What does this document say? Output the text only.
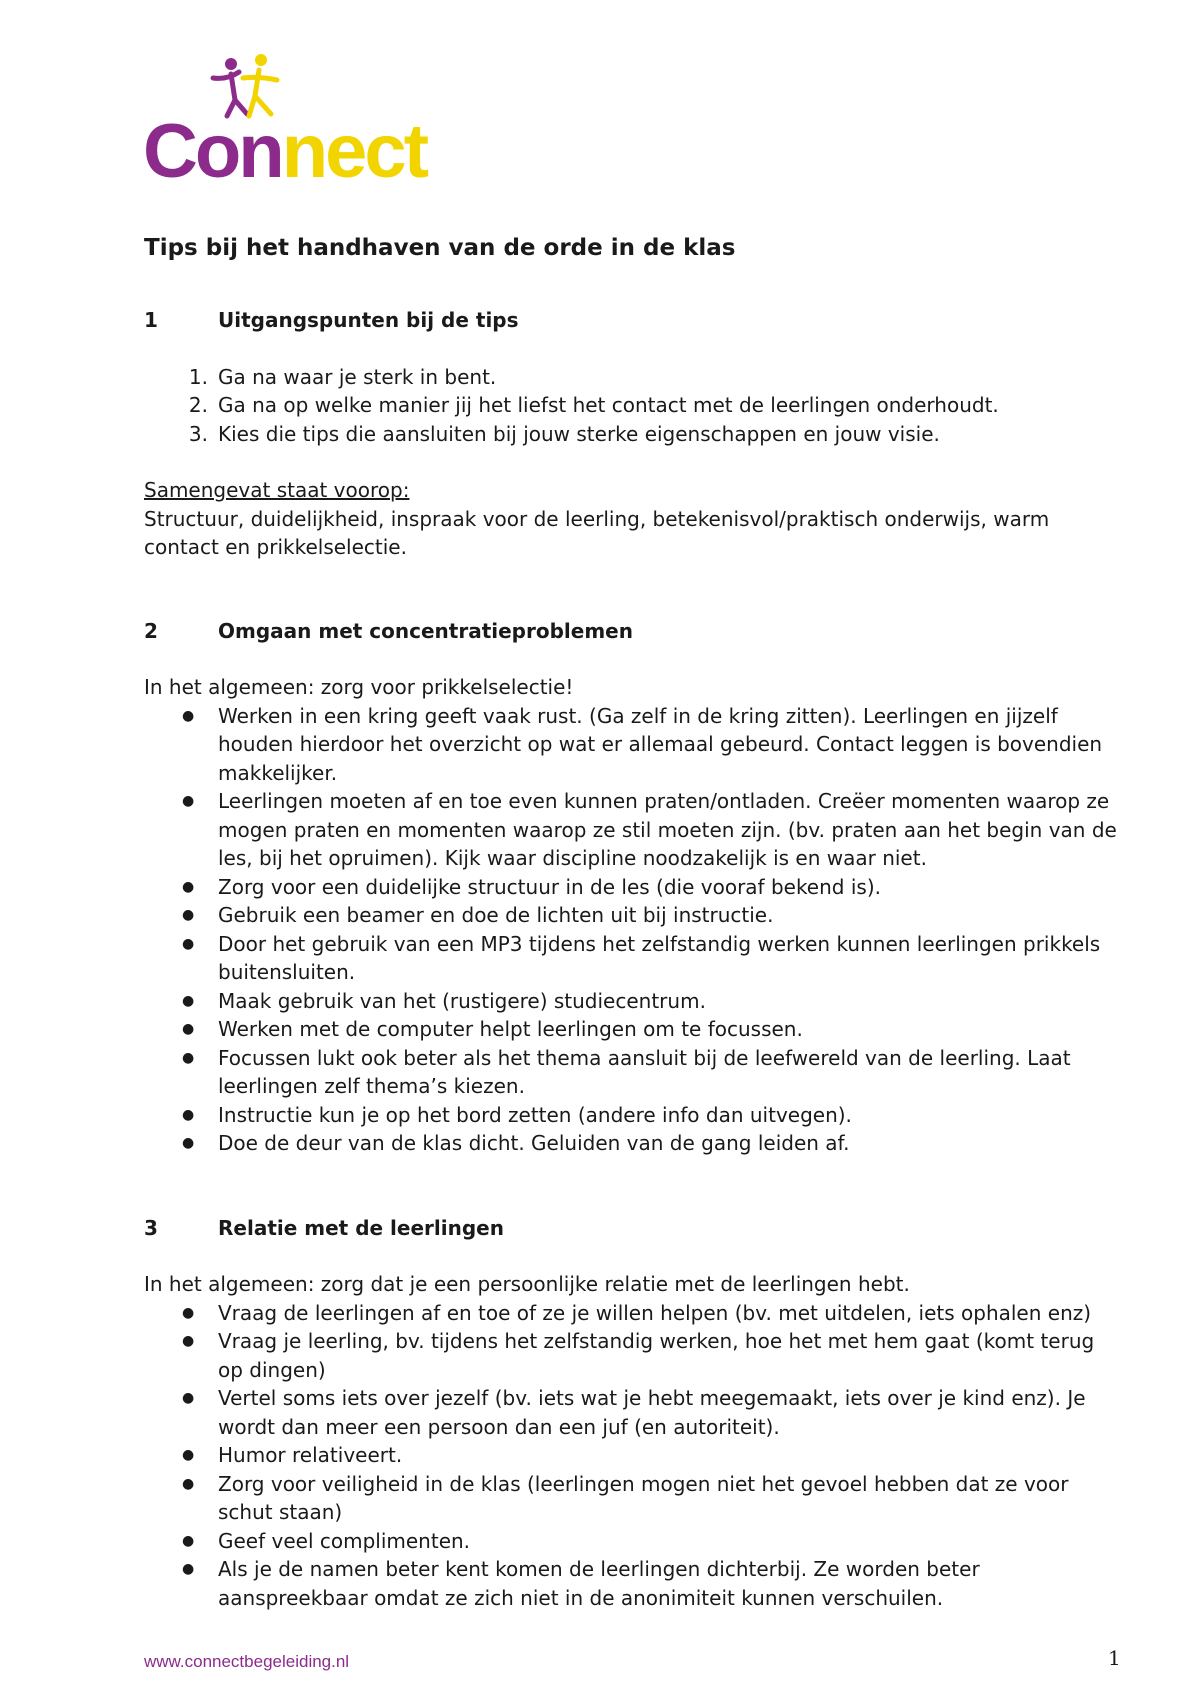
Connect
Tips bij het handhaven van de orde in de klas
1	Uitgangspunten bij de tips
1. Ga na waar je sterk in bent.
2. Ga na op welke manier jij het liefst het contact met de leerlingen onderhoudt.
3. Kies die tips die aansluiten bij jouw sterke eigenschappen en jouw visie.
Samengevat staat voorop:
Structuur, duidelijkheid, inspraak voor de leerling, betekenisvol/praktisch onderwijs, warm contact en prikkelselectie.
2	Omgaan met concentratieproblemen
In het algemeen: zorg voor prikkelselectie!
●	Werken in een kring geeft vaak rust. (Ga zelf in de kring zitten). Leerlingen en jijzelf houden hierdoor het overzicht op wat er allemaal gebeurd. Contact leggen is bovendien makkelijker.
●	Leerlingen moeten af en toe even kunnen praten/ontladen. Creëer momenten waarop ze mogen praten en momenten waarop ze stil moeten zijn. (bv. praten aan het begin van de les, bij het opruimen). Kijk waar discipline noodzakelijk is en waar niet.
●	Zorg voor een duidelijke structuur in de les (die vooraf bekend is).
●	Gebruik een beamer en doe de lichten uit bij instructie.
●	Door het gebruik van een MP3 tijdens het zelfstandig werken kunnen leerlingen prikkels buitensluiten.
●	Maak gebruik van het (rustigere) studiecentrum.
●	Werken met de computer helpt leerlingen om te focussen.
●	Focussen lukt ook beter als het thema aansluit bij de leefwereld van de leerling. Laat leerlingen zelf thema’s kiezen.
●	Instructie kun je op het bord zetten (andere info dan uitvegen).
●	Doe de deur van de klas dicht. Geluiden van de gang leiden af.
3	Relatie met de leerlingen
In het algemeen: zorg dat je een persoonlijke relatie met de leerlingen hebt.
●	Vraag de leerlingen af en toe of ze je willen helpen (bv. met uitdelen, iets ophalen enz)
●	Vraag je leerling, bv. tijdens het zelfstandig werken, hoe het met hem gaat (komt terug op dingen)
●	Vertel soms iets over jezelf (bv. iets wat je hebt meegemaakt, iets over je kind enz). Je wordt dan meer een persoon dan een juf (en autoriteit).
●	Humor relativeert.
●	Zorg voor veiligheid in de klas (leerlingen mogen niet het gevoel hebben dat ze voor schut staan)
●	Geef veel complimenten.
●	Als je de namen beter kent komen de leerlingen dichterbij. Ze worden beter aanspreekbaar omdat ze zich niet in de anonimiteit kunnen verschuilen.
www.connectbegeleiding.nl	1
